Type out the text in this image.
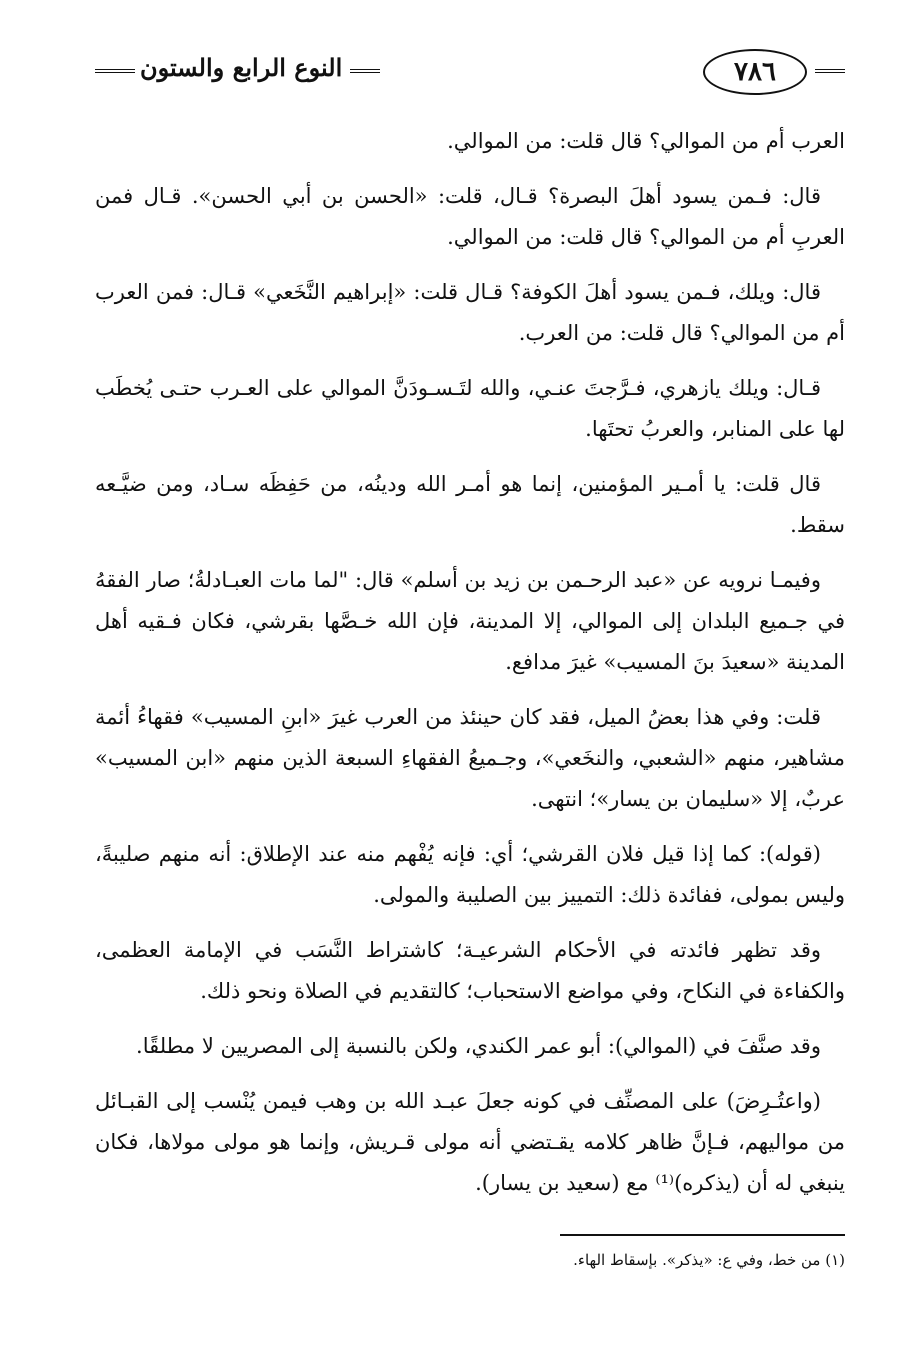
٧٨٦
النوع الرابع والستون

العرب أم من الموالي؟ قال قلت: من الموالي.

قال: فـمن يسود أهلَ البصرة؟ قـال، قلت: «الحسن بن أبي الحسن». قـال فمن العربِ أم من الموالي؟ قال قلت: من الموالي.

قال: ويلك، فـمن يسود أهلَ الكوفة؟ قـال قلت: «إبراهيم النَّخَعي» قـال: فمن العرب أم من الموالي؟ قال قلت: من العرب.

قـال: ويلك يازهري، فـرَّجتَ عنـي، والله لتَـسـودَنَّ الموالي على العـرب حتـى يُخطَب لها على المنابر، والعربُ تحتَها.

قال قلت: يا أمـير المؤمنين، إنما هو أمـر الله ودينُه، من حَفِظَه سـاد، ومن ضيَّـعه سقط.

وفيمـا نرويه عن «عبد الرحـمن بن زيد بن أسلم» قال: "لما مات العبـادلةُ؛ صار الفقهُ في جـميع البلدان إلى الموالي، إلا المدينة، فإن الله خـصَّها بقرشي، فكان فـقيه أهل المدينة «سعيدَ بنَ المسيب» غيرَ مدافع.

قلت: وفي هذا بعضُ الميل، فقد كان حينئذ من العرب غيرَ «ابنِ المسيب» فقهاءُ أئمة مشاهير، منهم «الشعبي، والنخَعي»، وجـميعُ الفقهاءِ السبعة الذين منهم «ابن المسيب» عربٌ، إلا «سليمان بن يسار»؛ انتهى.

(قوله): كما إذا قيل فلان القرشي؛ أي: فإنه يُفْهم منه عند الإطلاق: أنه منهم صليبةً، وليس بمولى، ففائدة ذلك: التمييز بين الصليبة والمولى.

وقد تظهر فائدته في الأحكام الشرعيـة؛ كاشتراط النَّسَب في الإمامة العظمى، والكفاءة في النكاح، وفي مواضع الاستحباب؛ كالتقديم في الصلاة ونحو ذلك.

وقد صنَّفَ في (الموالي): أبو عمر الكندي، ولكن بالنسبة إلى المصريين لا مطلقًا.

(واعتُـرِضَ) على المصنِّف في كونه جعلَ عبـد الله بن وهب فيمن يُنْسب إلى القبـائل من مواليهم، فـإنَّ ظاهر كلامه يقـتضي أنه مولى قـريش، وإنما هو مولى مولاها، فكان ينبغي له أن (يذكره)⁽¹⁾ مع (سعيد بن يسار).

(١) من خط، وفي ع: «يذكر». بإسقاط الهاء.
